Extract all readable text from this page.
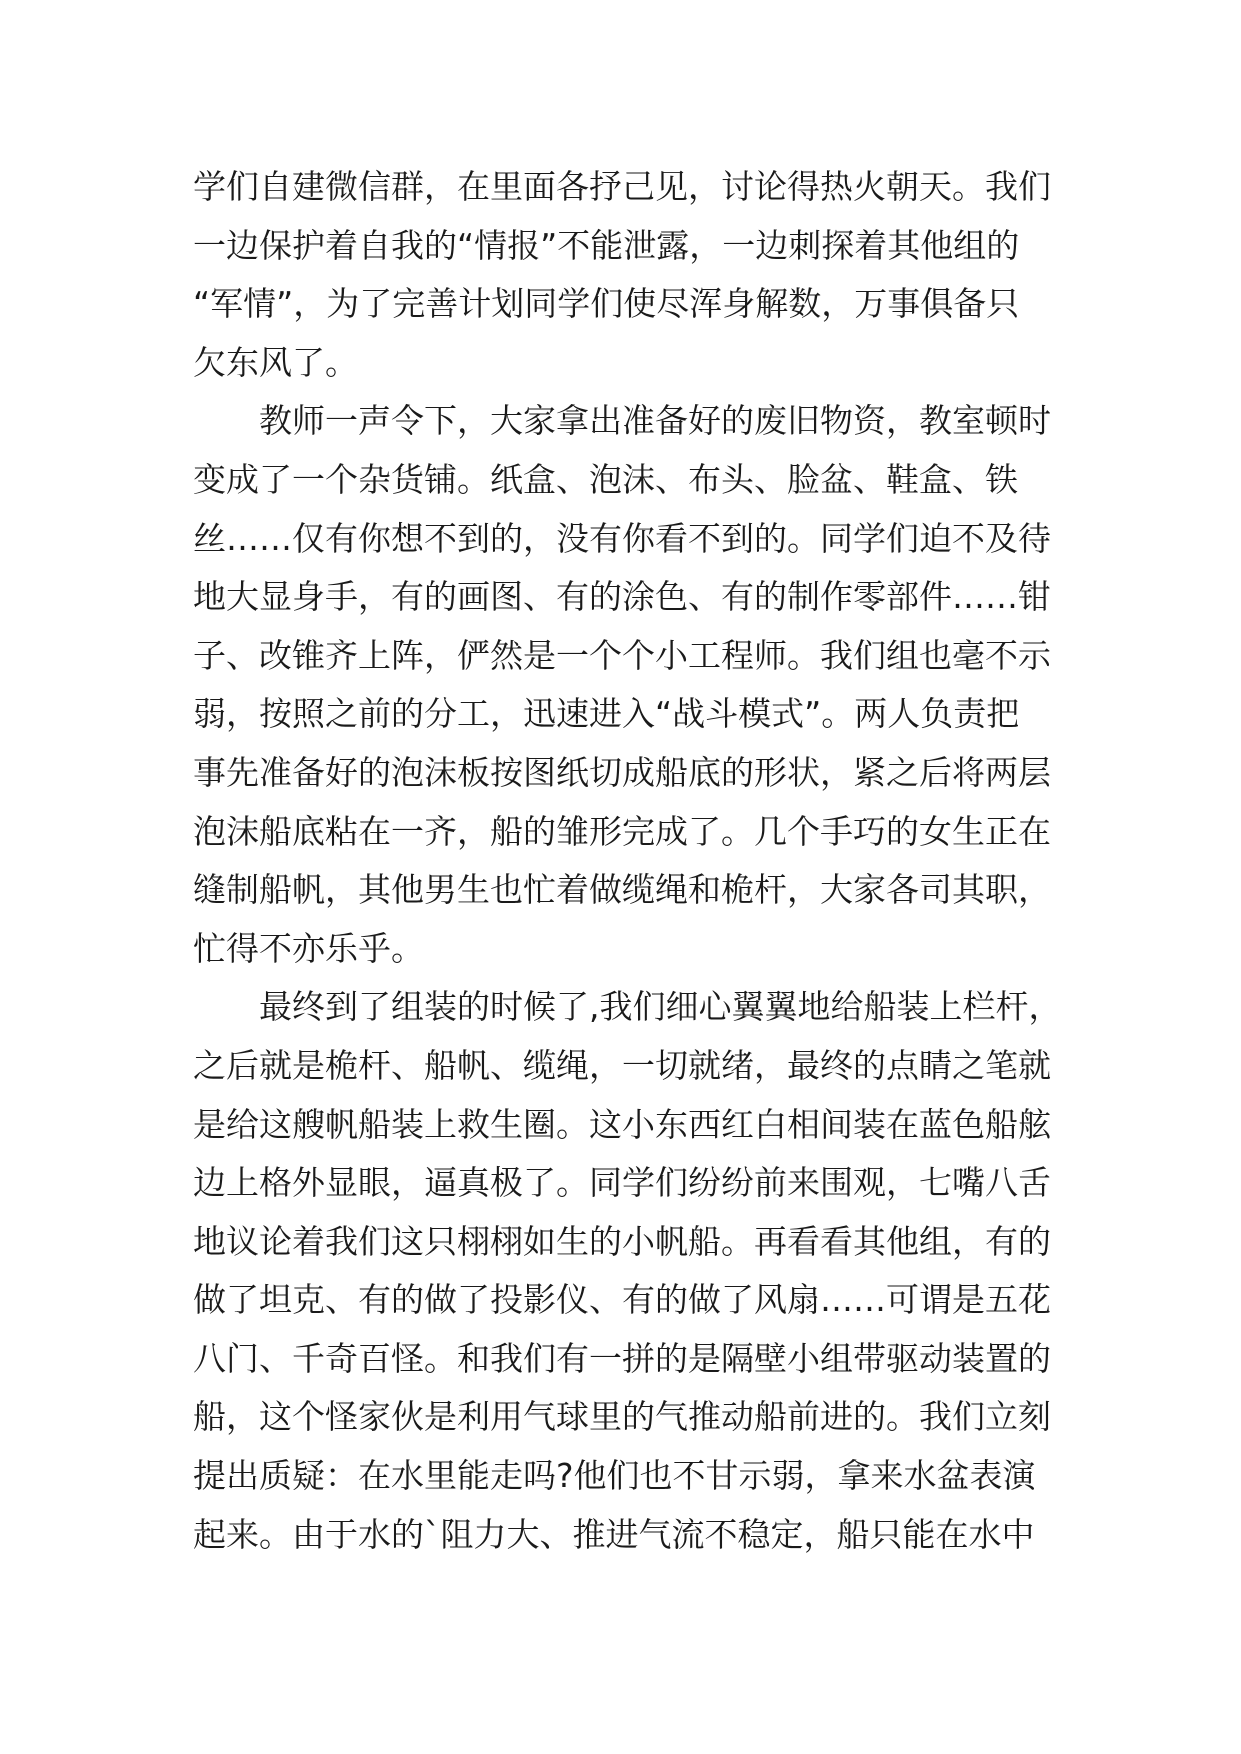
学们自建微信群，在里面各抒己见，讨论得热火朝天。我们
一边保护着自我的“情报”不能泄露，一边刺探着其他组的
“军情”，为了完善计划同学们使尽浑身解数，万事俱备只
欠东风了。
教师一声令下，大家拿出准备好的废旧物资，教室顿时
变成了一个杂货铺。纸盒、泡沫、布头、脸盆、鞋盒、铁
丝……仅有你想不到的，没有你看不到的。同学们迫不及待
地大显身手，有的画图、有的涂色、有的制作零部件……钳
子、改锥齐上阵，俨然是一个个小工程师。我们组也毫不示
弱，按照之前的分工，迅速进入“战斗模式”。两人负责把
事先准备好的泡沫板按图纸切成船底的形状，紧之后将两层
泡沫船底粘在一齐，船的雏形完成了。几个手巧的女生正在
缝制船帆，其他男生也忙着做缆绳和桅杆，大家各司其职，
忙得不亦乐乎。
最终到了组装的时候了,我们细心翼翼地给船装上栏杆，
之后就是桅杆、船帆、缆绳，一切就绪，最终的点睛之笔就
是给这艘帆船装上救生圈。这小东西红白相间装在蓝色船舷
边上格外显眼，逼真极了。同学们纷纷前来围观，七嘴八舌
地议论着我们这只栩栩如生的小帆船。再看看其他组，有的
做了坦克、有的做了投影仪、有的做了风扇……可谓是五花
八门、千奇百怪。和我们有一拼的是隔壁小组带驱动装置的
船，这个怪家伙是利用气球里的气推动船前进的。我们立刻
提出质疑：在水里能走吗?他们也不甘示弱，拿来水盆表演
起来。由于水的`阻力大、推进气流不稳定，船只能在水中
